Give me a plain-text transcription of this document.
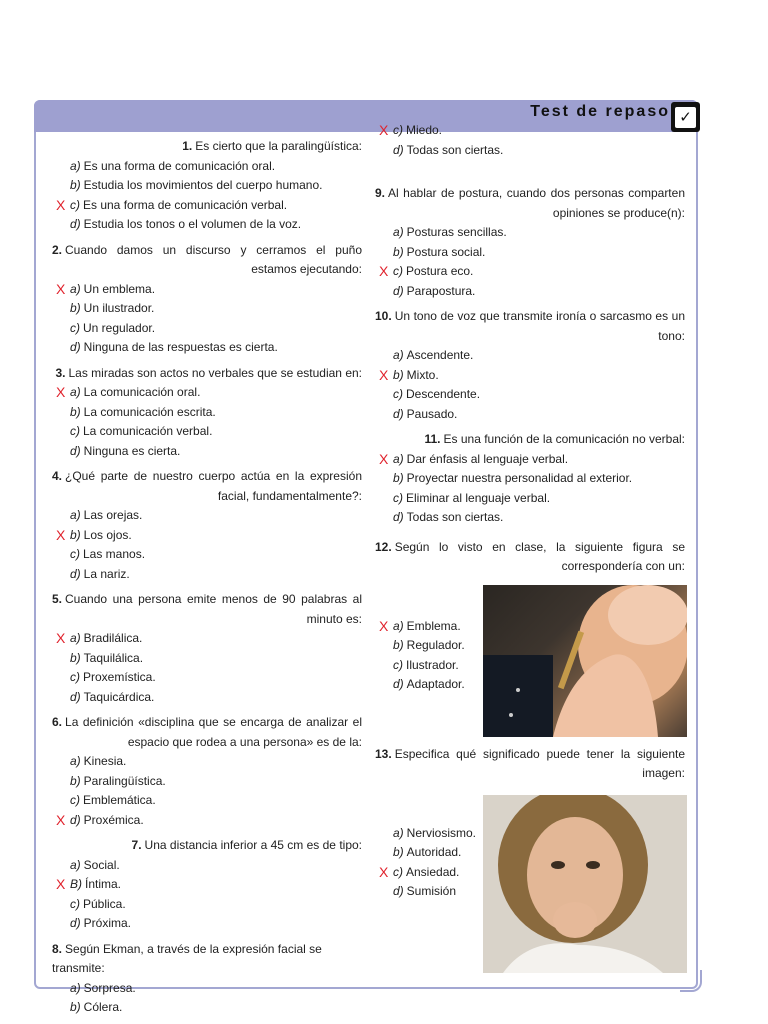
Test de repaso ✓
1. Es cierto que la paralingüística:
a) Es una forma de comunicación oral.
b) Estudia los movimientos del cuerpo humano.
X c) Es una forma de comunicación verbal.
d) Estudia los tonos o el volumen de la voz.
2. Cuando damos un discurso y cerramos el puño estamos ejecutando:
X a) Un emblema.
b) Un ilustrador.
c) Un regulador.
d) Ninguna de las respuestas es cierta.
3. Las miradas son actos no verbales que se estudian en:
X a) La comunicación oral.
b) La comunicación escrita.
c) La comunicación verbal.
d) Ninguna es cierta.
4. ¿Qué parte de nuestro cuerpo actúa en la expresión facial, fundamentalmente?:
a) Las orejas.
X b) Los ojos.
c) Las manos.
d) La nariz.
5. Cuando una persona emite menos de 90 palabras al minuto es:
X a) Bradilálica.
b) Taquilálica.
c) Proxemística.
d) Taquicárdica.
6. La definición «disciplina que se encarga de analizar el espacio que rodea a una persona» es de la:
a) Kinesia.
b) Paralingüística.
c) Emblemática.
X d) Proxémica.
7. Una distancia inferior a 45 cm es de tipo:
a) Social.
X B) Íntima.
c) Pública.
d) Próxima.
8. Según Ekman, a través de la expresión facial se transmite:
a) Sorpresa.
b) Cólera.
X c) Miedo.
d) Todas son ciertas.
9. Al hablar de postura, cuando dos personas comparten opiniones se produce(n):
a) Posturas sencillas.
b) Postura social.
X c) Postura eco.
d) Parapostura.
10. Un tono de voz que transmite ironía o sarcasmo es un tono:
a) Ascendente.
X b) Mixto.
c) Descendente.
d) Pausado.
11. Es una función de la comunicación no verbal:
X a) Dar énfasis al lenguaje verbal.
b) Proyectar nuestra personalidad al exterior.
c) Eliminar al lenguaje verbal.
d) Todas son ciertas.
12. Según lo visto en clase, la siguiente figura se correspondería con un:
X a) Emblema.
b) Regulador.
c) Ilustrador.
d) Adaptador.
13. Especifica qué significado puede tener la siguiente imagen:
a) Nerviosismo.
b) Autoridad.
X c) Ansiedad.
d) Sumisión
